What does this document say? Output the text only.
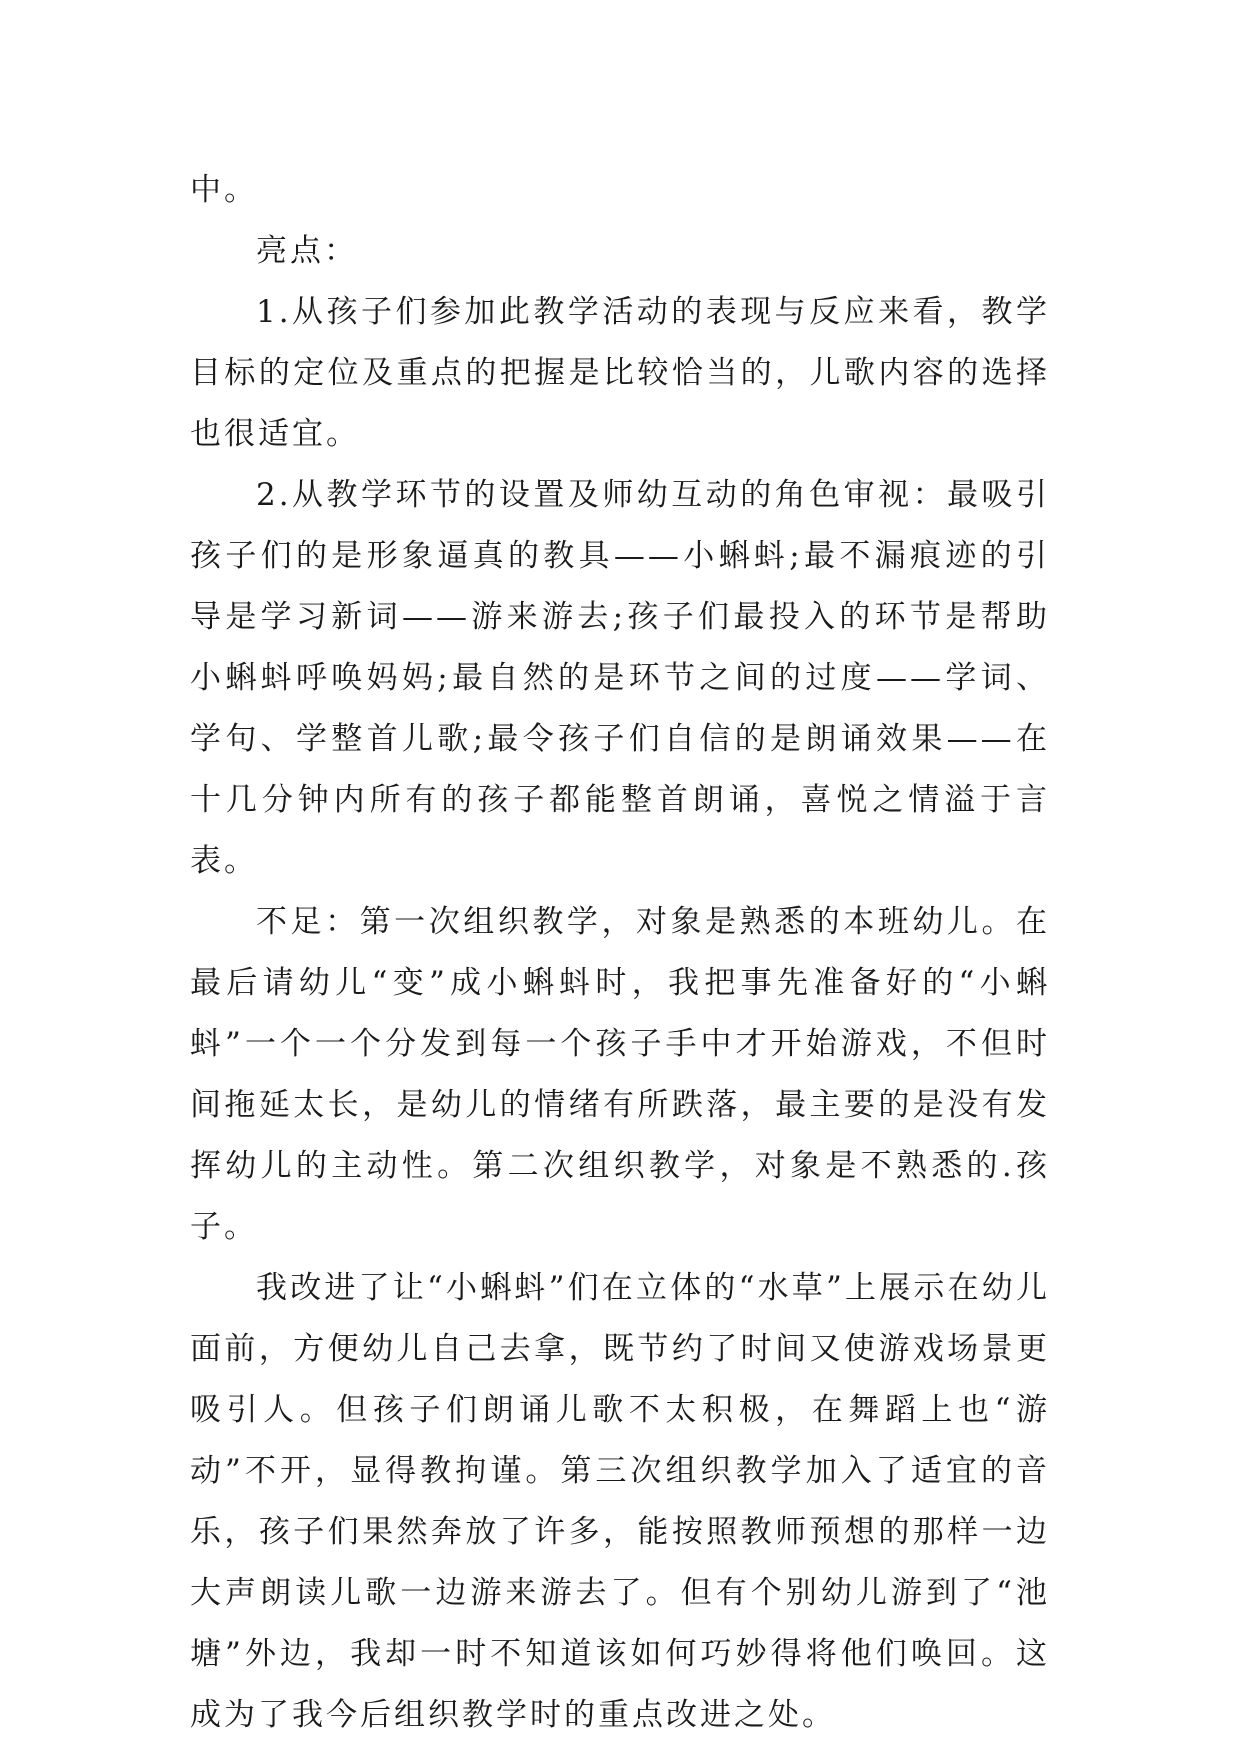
中。

亮点：

1.从孩子们参加此教学活动的表现与反应来看，教学目标的定位及重点的把握是比较恰当的，儿歌内容的选择也很适宜。

2.从教学环节的设置及师幼互动的角色审视：最吸引孩子们的是形象逼真的教具——小蝌蚪;最不漏痕迹的引导是学习新词——游来游去;孩子们最投入的环节是帮助小蝌蚪呼唤妈妈;最自然的是环节之间的过度——学词、学句、学整首儿歌;最令孩子们自信的是朗诵效果——在十几分钟内所有的孩子都能整首朗诵，喜悦之情溢于言表。

不足：第一次组织教学，对象是熟悉的本班幼儿。在最后请幼儿“变”成小蝌蚪时，我把事先准备好的“小蝌蚪”一个一个分发到每一个孩子手中才开始游戏，不但时间拖延太长，是幼儿的情绪有所跌落，最主要的是没有发挥幼儿的主动性。第二次组织教学，对象是不熟悉的.孩子。

我改进了让“小蝌蚪”们在立体的“水草”上展示在幼儿面前，方便幼儿自己去拿，既节约了时间又使游戏场景更吸引人。但孩子们朗诵儿歌不太积极，在舞蹈上也“游动”不开，显得教拘谨。第三次组织教学加入了适宜的音乐，孩子们果然奔放了许多，能按照教师预想的那样一边大声朗读儿歌一边游来游去了。但有个别幼儿游到了“池塘”外边，我却一时不知道该如何巧妙得将他们唤回。这成为了我今后组织教学时的重点改进之处。
